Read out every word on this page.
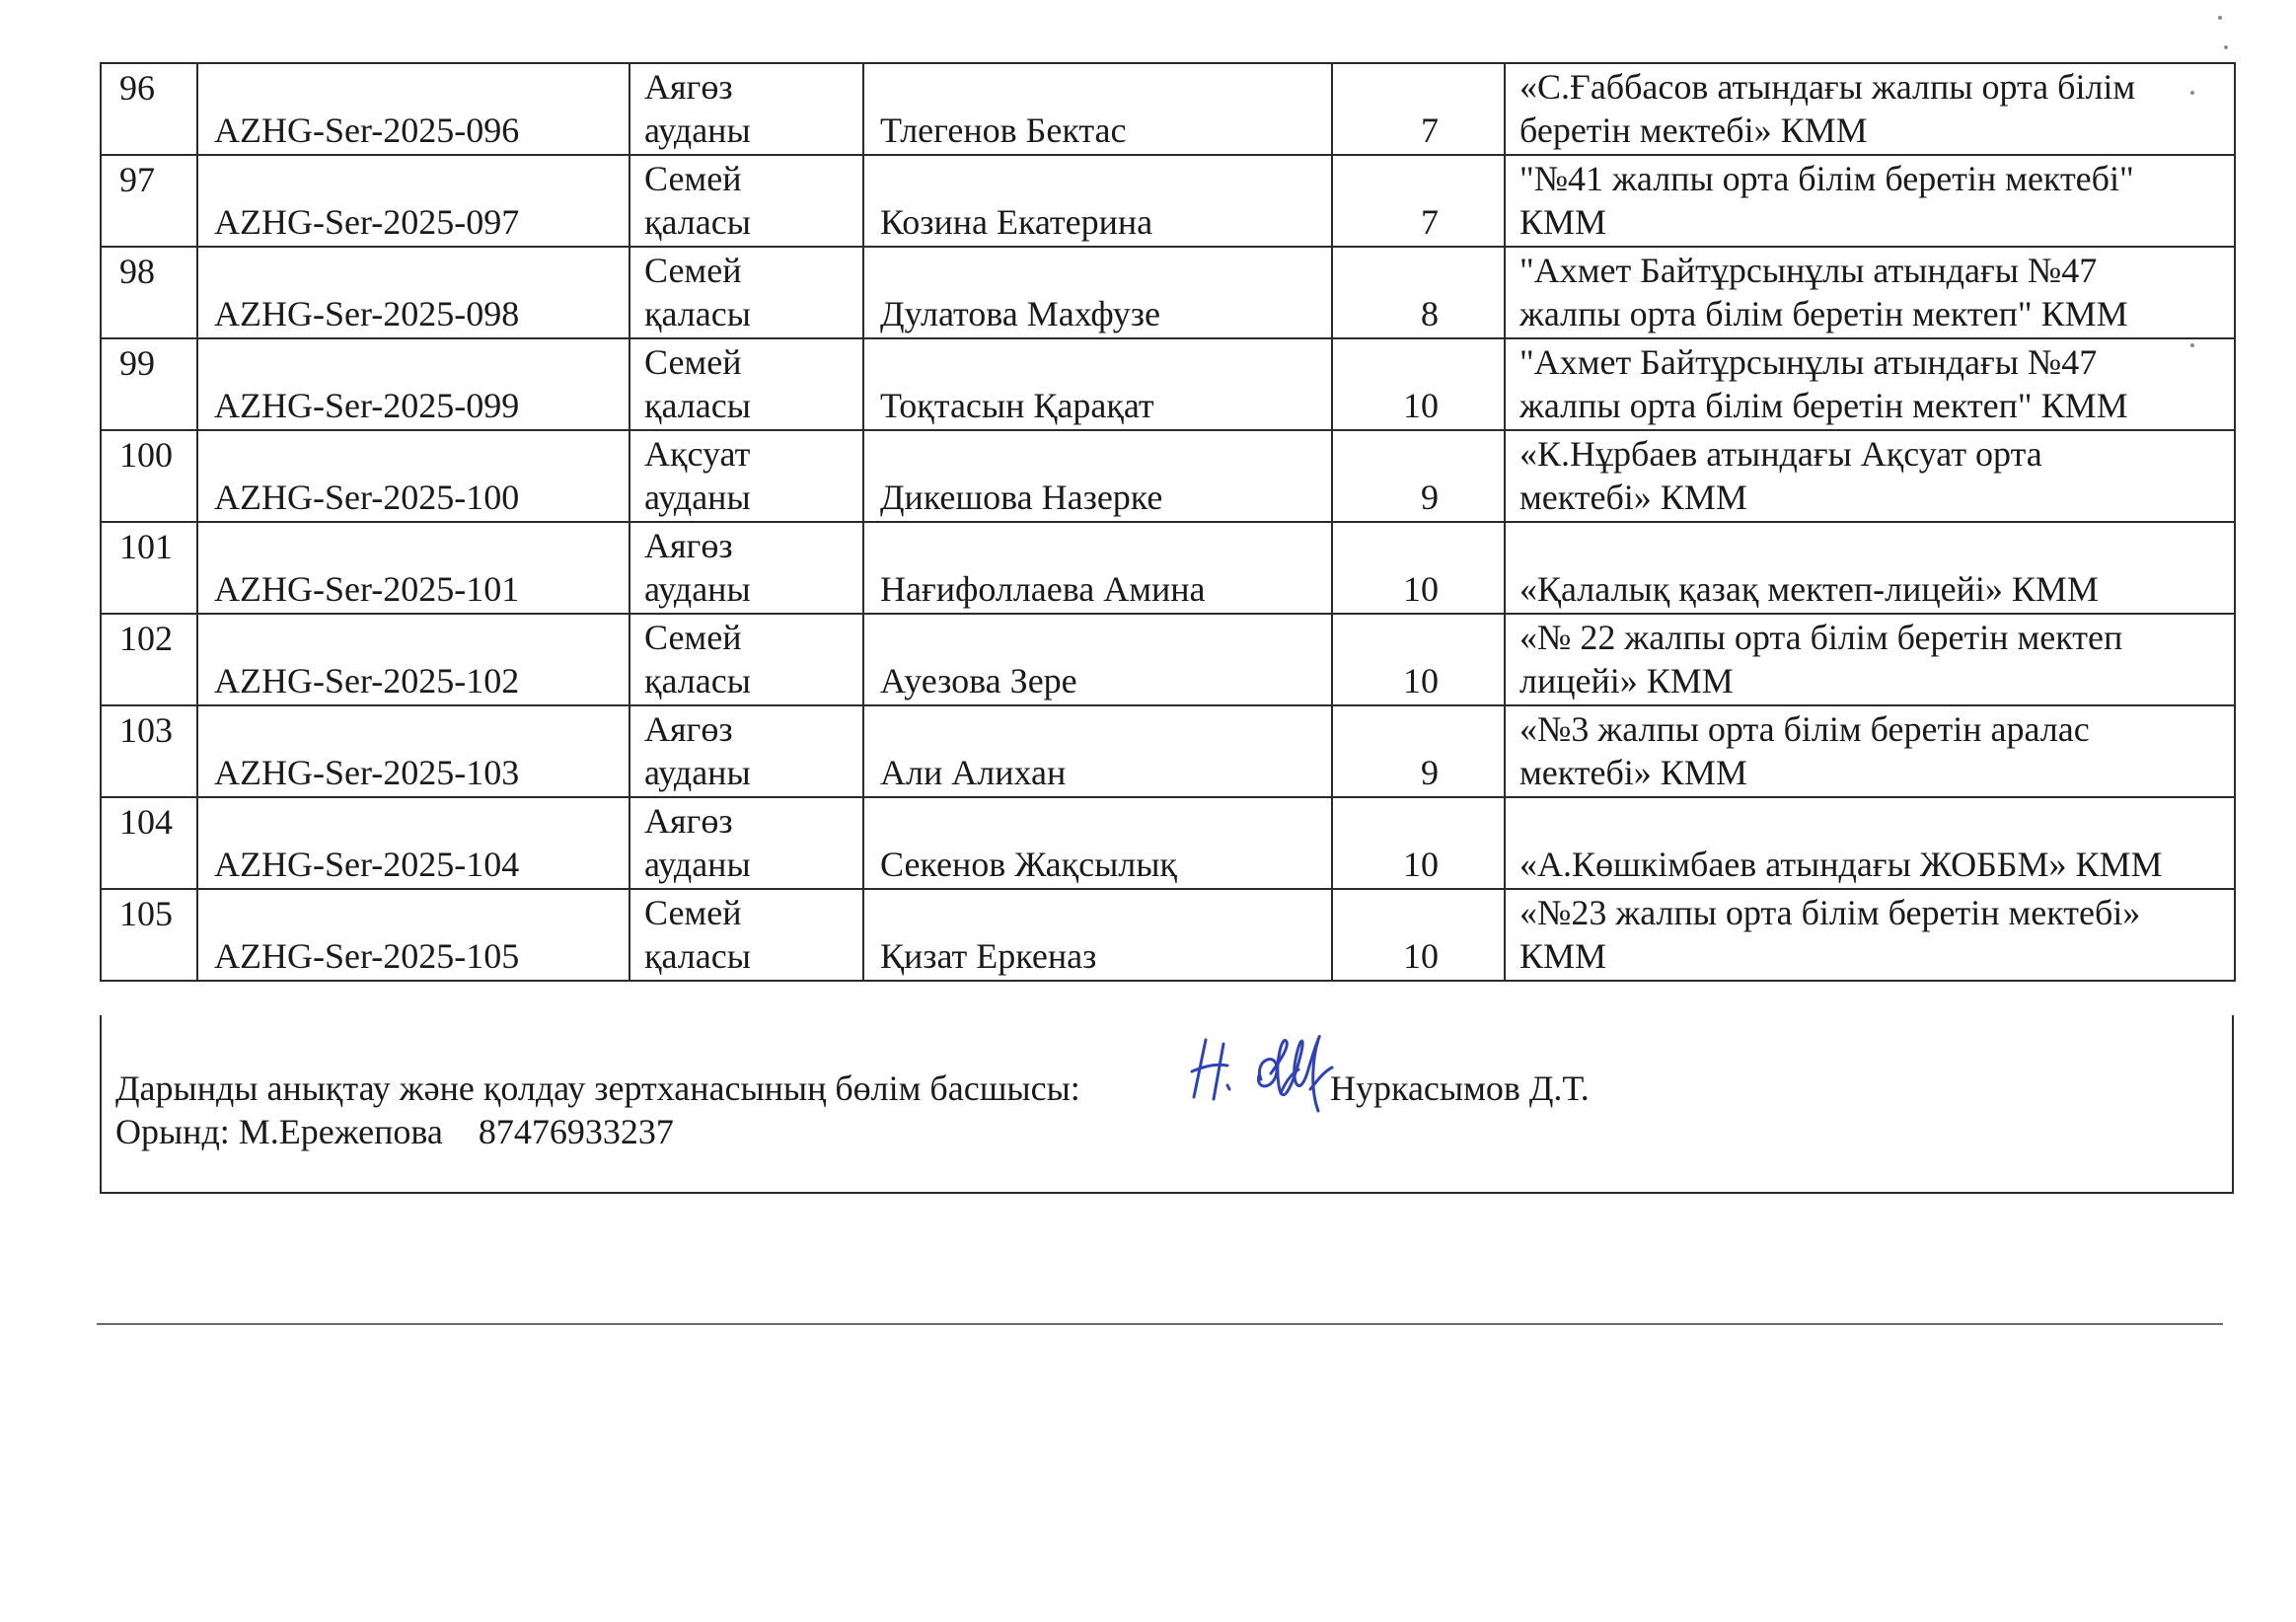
96	AZHG-Ser-2025-096	Аягөз
ауданы	Тлегенов Бектас	7	«С.Ғаббасов атындағы жалпы орта білім
беретін мектебі» КММ

97	AZHG-Ser-2025-097	Семей
қаласы	Козина Екатерина	7	"№41 жалпы орта білім беретін мектебі"
КММ

98	AZHG-Ser-2025-098	Семей
қаласы	Дулатова Махфузе	8	"Ахмет Байтұрсынұлы атындағы №47
жалпы орта білім беретін мектеп" КММ

99	AZHG-Ser-2025-099	Семей
қаласы	Тоқтасын Қарақат	10	"Ахмет Байтұрсынұлы атындағы №47
жалпы орта білім беретін мектеп" КММ

100	AZHG-Ser-2025-100	Ақсуат
ауданы	Дикешова Назерке	9	«К.Нұрбаев атындағы Ақсуат орта
мектебі» КММ

101	AZHG-Ser-2025-101	Аягөз
ауданы	Нағифоллаева Амина	10	«Қалалық қазақ мектеп-лицейі» КММ

102	AZHG-Ser-2025-102	Семей
қаласы	Ауезова Зере	10	«№ 22 жалпы орта білім беретін мектеп
лицейі» КММ

103	AZHG-Ser-2025-103	Аягөз
ауданы	Али Алихан	9	«№3 жалпы орта білім беретін аралас
мектебі» КММ

104	AZHG-Ser-2025-104	Аягөз
ауданы	Секенов Жақсылық	10	«А.Көшкімбаев атындағы ЖОББМ» КММ

105	AZHG-Ser-2025-105	Семей
қаласы	Қизат Еркеназ	10	«№23 жалпы орта білім беретін мектебі»
КММ
Дарынды анықтау және қолдау зертханасының бөлім басшысы:
Орынд: М.Ережепова 87476933237
Нуркасымов Д.Т.
